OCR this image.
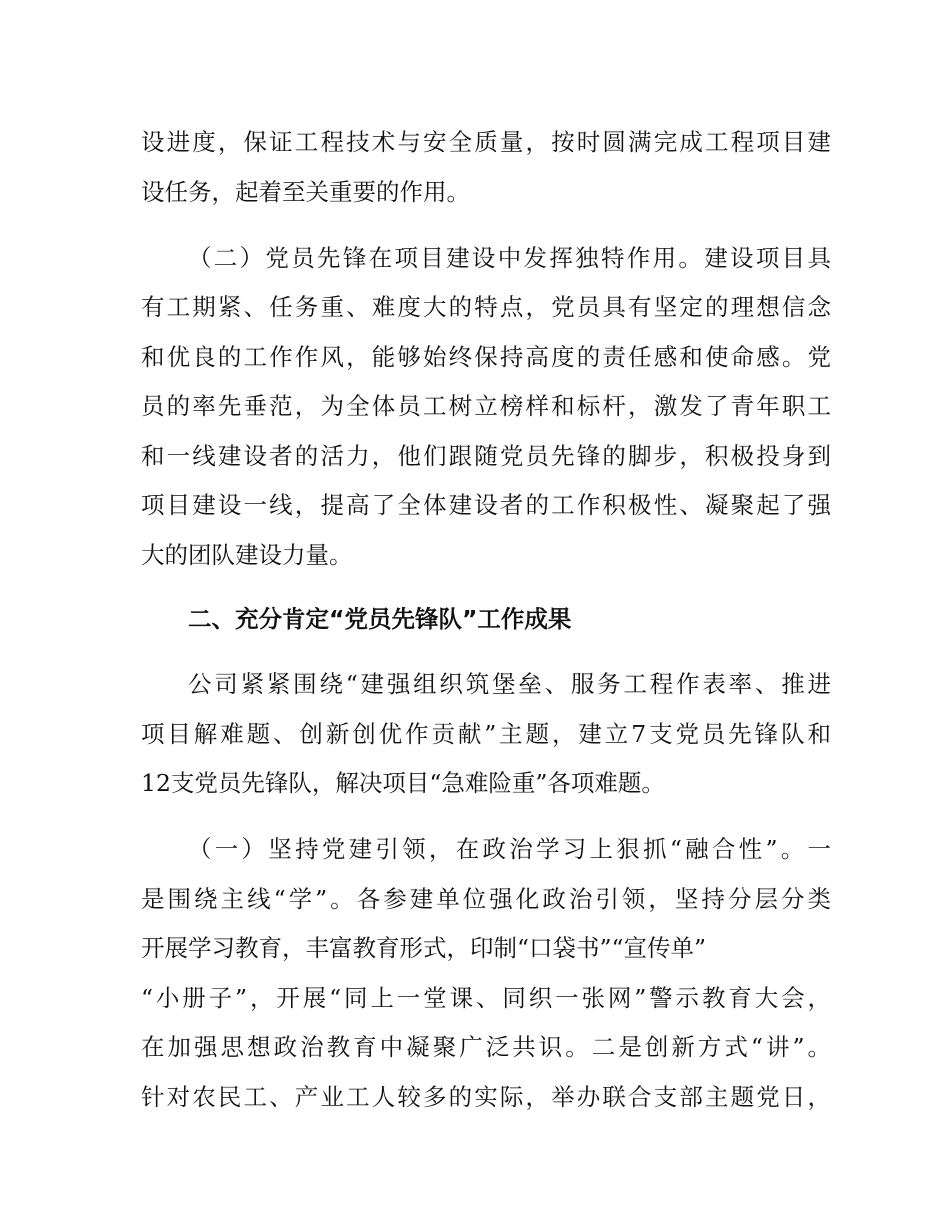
设进度，保证工程技术与安全质量，按时圆满完成工程项目建
设任务，起着至关重要的作用。
（二）党员先锋在项目建设中发挥独特作用。建设项目具
有工期紧、任务重、难度大的特点，党员具有坚定的理想信念
和优良的工作作风，能够始终保持高度的责任感和使命感。党
员的率先垂范，为全体员工树立榜样和标杆，激发了青年职工
和一线建设者的活力，他们跟随党员先锋的脚步，积极投身到
项目建设一线，提高了全体建设者的工作积极性、凝聚起了强
大的团队建设力量。
二、充分肯定“党员先锋队”工作成果
公司紧紧围绕“建强组织筑堡垒、服务工程作表率、推进
项目解难题、创新创优作贡献”主题，建立7支党员先锋队和
12支党员先锋队，解决项目“急难险重”各项难题。
（一）坚持党建引领，在政治学习上狠抓“融合性”。一
是围绕主线“学”。各参建单位强化政治引领，坚持分层分类
开展学习教育，丰富教育形式，印制“口袋书”“宣传单”
“小册子”，开展“同上一堂课、同织一张网”警示教育大会，
在加强思想政治教育中凝聚广泛共识。二是创新方式“讲”。
针对农民工、产业工人较多的实际，举办联合支部主题党日，
